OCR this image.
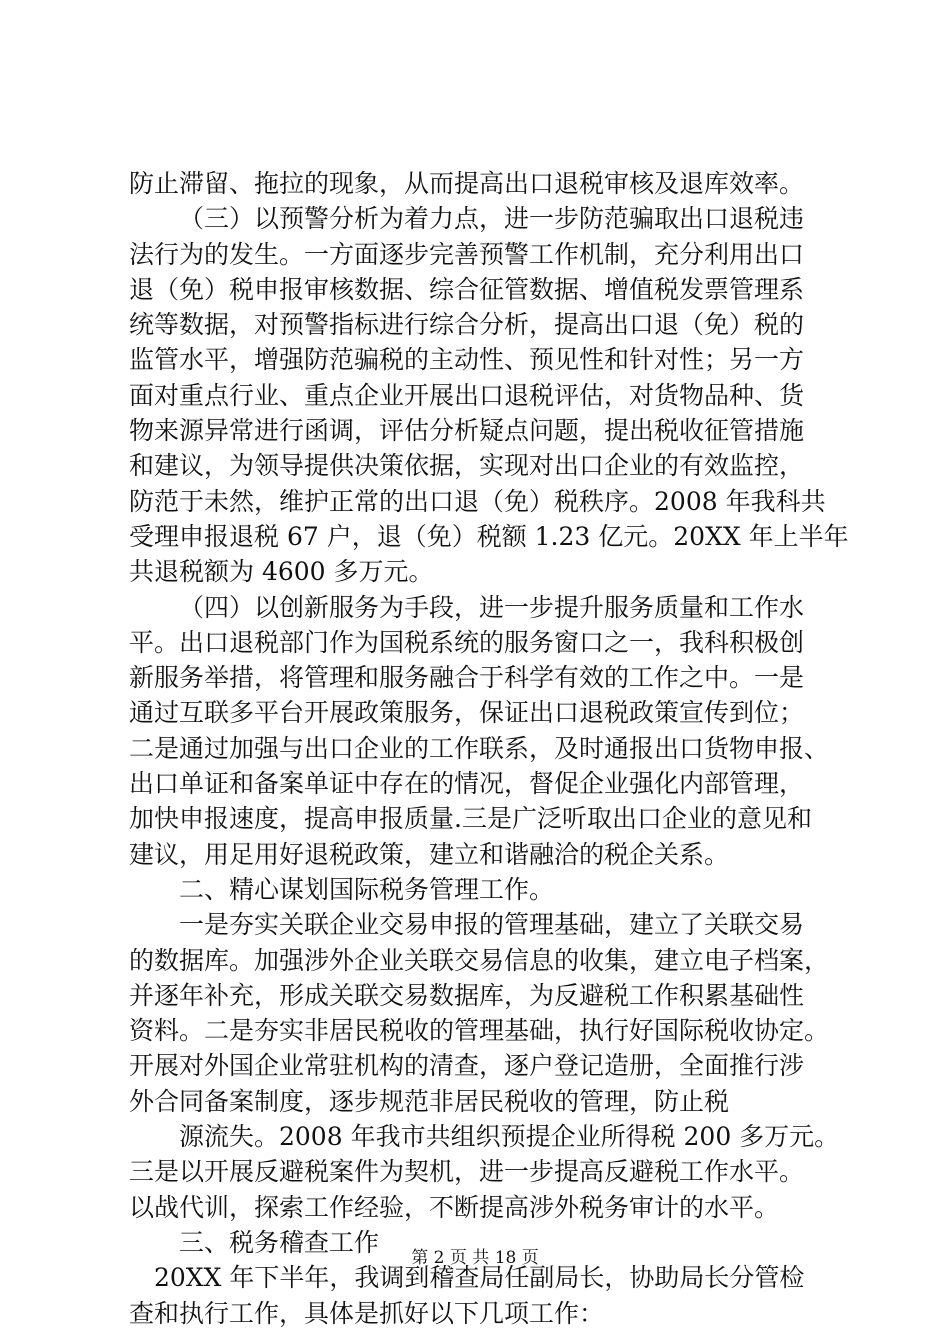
防止滞留、拖拉的现象，从而提高出口退税审核及退库效率。
（三）以预警分析为着力点，进一步防范骗取出口退税违
法行为的发生。一方面逐步完善预警工作机制，充分利用出口
退（免）税申报审核数据、综合征管数据、增值税发票管理系
统等数据，对预警指标进行综合分析，提高出口退（免）税的
监管水平，增强防范骗税的主动性、预见性和针对性；另一方
面对重点行业、重点企业开展出口退税评估，对货物品种、货
物来源异常进行函调，评估分析疑点问题，提出税收征管措施
和建议，为领导提供决策依据，实现对出口企业的有效监控，
防范于未然，维护正常的出口退（免）税秩序。2008 年我科共
受理申报退税 67 户，退（免）税额 1.23 亿元。20XX 年上半年
共退税额为 4600 多万元。
（四）以创新服务为手段，进一步提升服务质量和工作水
平。出口退税部门作为国税系统的服务窗口之一，我科积极创
新服务举措，将管理和服务融合于科学有效的工作之中。一是
通过互联多平台开展政策服务，保证出口退税政策宣传到位；
二是通过加强与出口企业的工作联系，及时通报出口货物申报、
出口单证和备案单证中存在的情况，督促企业强化内部管理，
加快申报速度，提高申报质量.三是广泛听取出口企业的意见和
建议，用足用好退税政策，建立和谐融洽的税企关系。
二、精心谋划国际税务管理工作。
一是夯实关联企业交易申报的管理基础，建立了关联交易
的数据库。加强涉外企业关联交易信息的收集，建立电子档案，
并逐年补充，形成关联交易数据库，为反避税工作积累基础性
资料。二是夯实非居民税收的管理基础，执行好国际税收协定。
开展对外国企业常驻机构的清查，逐户登记造册，全面推行涉
外合同备案制度，逐步规范非居民税收的管理，防止税
源流失。2008 年我市共组织预提企业所得税 200 多万元。
三是以开展反避税案件为契机，进一步提高反避税工作水平。
以战代训，探索工作经验，不断提高涉外税务审计的水平。
三、税务稽查工作
20XX 年下半年，我调到稽查局任副局长，协助局长分管检
查和执行工作，具体是抓好以下几项工作：
第 2 页 共 18 页
